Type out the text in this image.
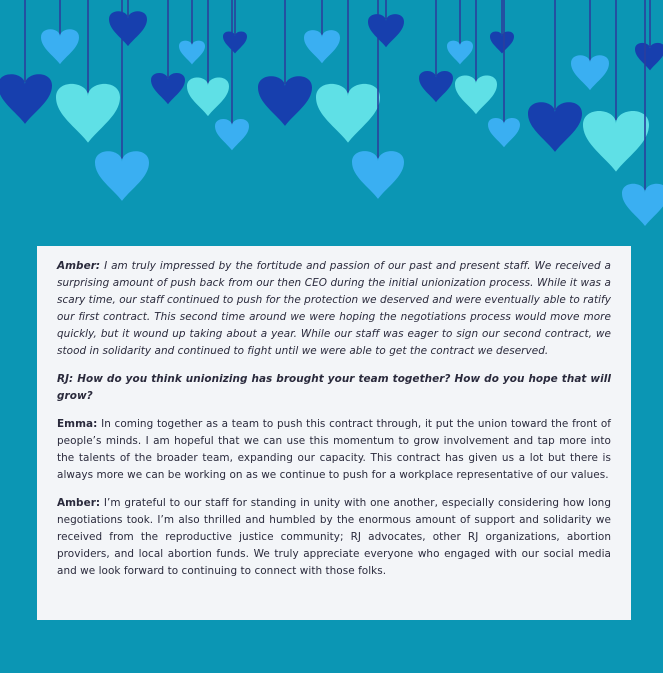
Amber: I am truly impressed by the fortitude and passion of our past and present staff. We received a surprising amount of push back from our then CEO during the initial unionization process. While it was a scary time, our staff continued to push for the protection we deserved and were eventually able to ratify our first contract. This second time around we were hoping the negotiations process would move more quickly, but it wound up taking about a year. While our staff was eager to sign our second contract, we stood in solidarity and continued to fight until we were able to get the contract we deserved.

RJ: How do you think unionizing has brought your team together? How do you hope that will grow?

Emma: In coming together as a team to push this contract through, it put the union toward the front of people’s minds. I am hopeful that we can use this momentum to grow involvement and tap more into the talents of the broader team, expanding our capacity. This contract has given us a lot but there is always more we can be working on as we continue to push for a workplace representative of our values.

Amber: I’m grateful to our staff for standing in unity with one another, especially considering how long negotiations took. I’m also thrilled and humbled by the enormous amount of support and solidarity we received from the reproductive justice community; RJ advocates, other RJ organizations, abortion providers, and local abortion funds. We truly appreciate everyone who engaged with our social media and we look forward to continuing to connect with those folks.
